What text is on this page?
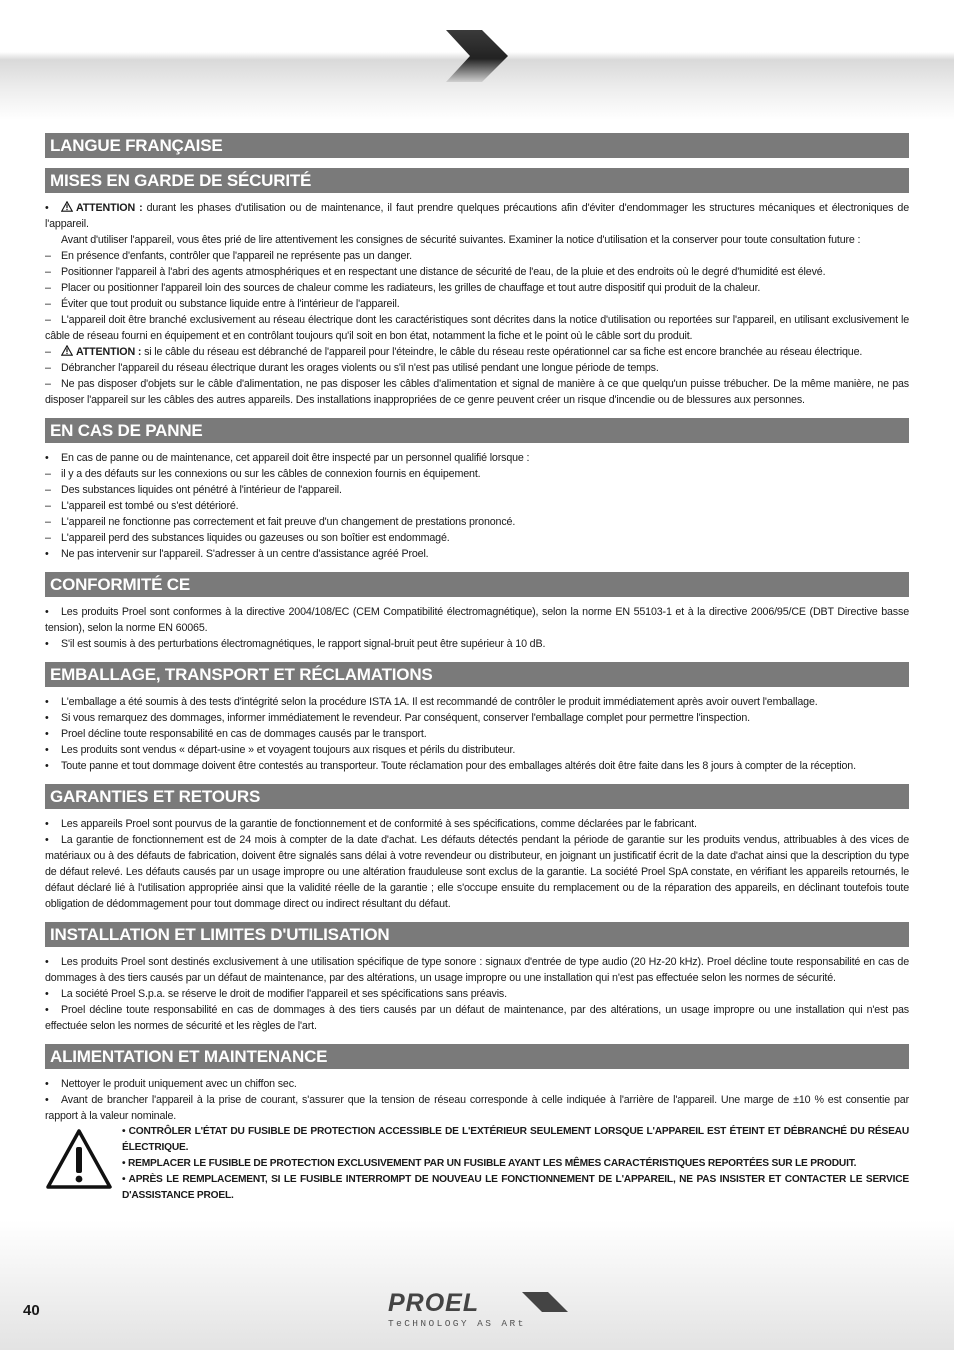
LANGUE FRANÇAISE
MISES EN GARDE DE SÉCURITÉ
•	ATTENTION : durant les phases d'utilisation ou de maintenance, il faut prendre quelques précautions afin d'éviter d'endommager les structures mécaniques et électroniques de l'appareil.
Avant d'utiliser l'appareil, vous êtes prié de lire attentivement les consignes de sécurité suivantes. Examiner la notice d'utilisation et la conserver pour toute consultation future :
– En présence d'enfants, contrôler que l'appareil ne représente pas un danger.
– Positionner l'appareil à l'abri des agents atmosphériques et en respectant une distance de sécurité de l'eau, de la pluie et des endroits où le degré d'humidité est élevé.
– Placer ou positionner l'appareil loin des sources de chaleur comme les radiateurs, les grilles de chauffage et tout autre dispositif qui produit de la chaleur.
– Éviter que tout produit ou substance liquide entre à l'intérieur de l'appareil.
– L'appareil doit être branché exclusivement au réseau électrique dont les caractéristiques sont décrites dans la notice d'utilisation ou reportées sur l'appareil, en utilisant exclusivement le câble de réseau fourni en équipement et en contrôlant toujours qu'il soit en bon état, notamment la fiche et le point où le câble sort du produit.
– ATTENTION : si le câble du réseau est débranché de l'appareil pour l'éteindre, le câble du réseau reste opérationnel car sa fiche est encore branchée au réseau électrique.
– Débrancher l'appareil du réseau électrique durant les orages violents ou s'il n'est pas utilisé pendant une longue période de temps.
– Ne pas disposer d'objets sur le câble d'alimentation, ne pas disposer les câbles d'alimentation et signal de manière à ce que quelqu'un puisse trébucher. De la même manière, ne pas disposer l'appareil sur les câbles des autres appareils. Des installations inappropriées de ce genre peuvent créer un risque d'incendie ou de blessures aux personnes.
EN CAS DE PANNE
• En cas de panne ou de maintenance, cet appareil doit être inspecté par un personnel qualifié lorsque :
– il y a des défauts sur les connexions ou sur les câbles de connexion fournis en équipement.
– Des substances liquides ont pénétré à l'intérieur de l'appareil.
– L'appareil est tombé ou s'est détérioré.
– L'appareil ne fonctionne pas correctement et fait preuve d'un changement de prestations prononcé.
– L'appareil perd des substances liquides ou gazeuses ou son boîtier est endommagé.
• Ne pas intervenir sur l'appareil. S'adresser à un centre d'assistance agréé Proel.
CONFORMITÉ CE
• Les produits Proel sont conformes à la directive 2004/108/EC (CEM Compatibilité électromagnétique), selon la norme EN 55103-1 et à la directive 2006/95/CE (DBT Directive basse tension), selon la norme EN 60065.
• S'il est soumis à des perturbations électromagnétiques, le rapport signal-bruit peut être supérieur à 10 dB.
EMBALLAGE, TRANSPORT ET RÉCLAMATIONS
• L'emballage a été soumis à des tests d'intégrité selon la procédure ISTA 1A. Il est recommandé de contrôler le produit immédiatement après avoir ouvert l'emballage.
• Si vous remarquez des dommages, informer immédiatement le revendeur. Par conséquent, conserver l'emballage complet pour permettre l'inspection.
• Proel décline toute responsabilité en cas de dommages causés par le transport.
• Les produits sont vendus « départ-usine » et voyagent toujours aux risques et périls du distributeur.
• Toute panne et tout dommage doivent être contestés au transporteur. Toute réclamation pour des emballages altérés doit être faite dans les 8 jours à compter de la réception.
GARANTIES ET RETOURS
• Les appareils Proel sont pourvus de la garantie de fonctionnement et de conformité à ses spécifications, comme déclarées par le fabricant.
• La garantie de fonctionnement est de 24 mois à compter de la date d'achat. Les défauts détectés pendant la période de garantie sur les produits vendus, attribuables à des vices de matériaux ou à des défauts de fabrication, doivent être signalés sans délai à votre revendeur ou distributeur, en joignant un justificatif écrit de la date d'achat ainsi que la description du type de défaut relevé. Les défauts causés par un usage impropre ou une altération frauduleuse sont exclus de la garantie. La société Proel SpA constate, en vérifiant les appareils retournés, le défaut déclaré lié à l'utilisation appropriée ainsi que la validité réelle de la garantie ; elle s'occupe ensuite du remplacement ou de la réparation des appareils, en déclinant toutefois toute obligation de dédommagement pour tout dommage direct ou indirect résultant du défaut.
INSTALLATION ET LIMITES D'UTILISATION
• Les produits Proel sont destinés exclusivement à une utilisation spécifique de type sonore : signaux d'entrée de type audio (20 Hz-20 kHz). Proel décline toute responsabilité en cas de dommages à des tiers causés par un défaut de maintenance, par des altérations, un usage impropre ou une installation qui n'est pas effectuée selon les normes de sécurité.
• La société Proel S.p.a. se réserve le droit de modifier l'appareil et ses spécifications sans préavis.
• Proel décline toute responsabilité en cas de dommages à des tiers causés par un défaut de maintenance, par des altérations, un usage impropre ou une installation qui n'est pas effectuée selon les normes de sécurité et les règles de l'art.
ALIMENTATION ET MAINTENANCE
• Nettoyer le produit uniquement avec un chiffon sec.
• Avant de brancher l'appareil à la prise de courant, s'assurer que la tension de réseau corresponde à celle indiquée à l'arrière de l'appareil. Une marge de ±10 % est consentie par rapport à la valeur nominale.
• CONTRÔLER L'ÉTAT DU FUSIBLE DE PROTECTION ACCESSIBLE DE L'EXTÉRIEUR SEULEMENT LORSQUE L'APPAREIL EST ÉTEINT ET DÉBRANCHÉ DU RÉSEAU ÉLECTRIQUE.
• REMPLACER LE FUSIBLE DE PROTECTION EXCLUSIVEMENT PAR UN FUSIBLE AYANT LES MÊMES CARACTÉRISTIQUES REPORTÉES SUR LE PRODUIT.
• APRÈS LE REMPLACEMENT, SI LE FUSIBLE INTERROMPT DE NOUVEAU LE FONCTIONNEMENT DE L'APPAREIL, NE PAS INSISTER ET CONTACTER LE SERVICE D'ASSISTANCE PROEL.
40	PROEL
TeCHNOLOGY AS ARt
